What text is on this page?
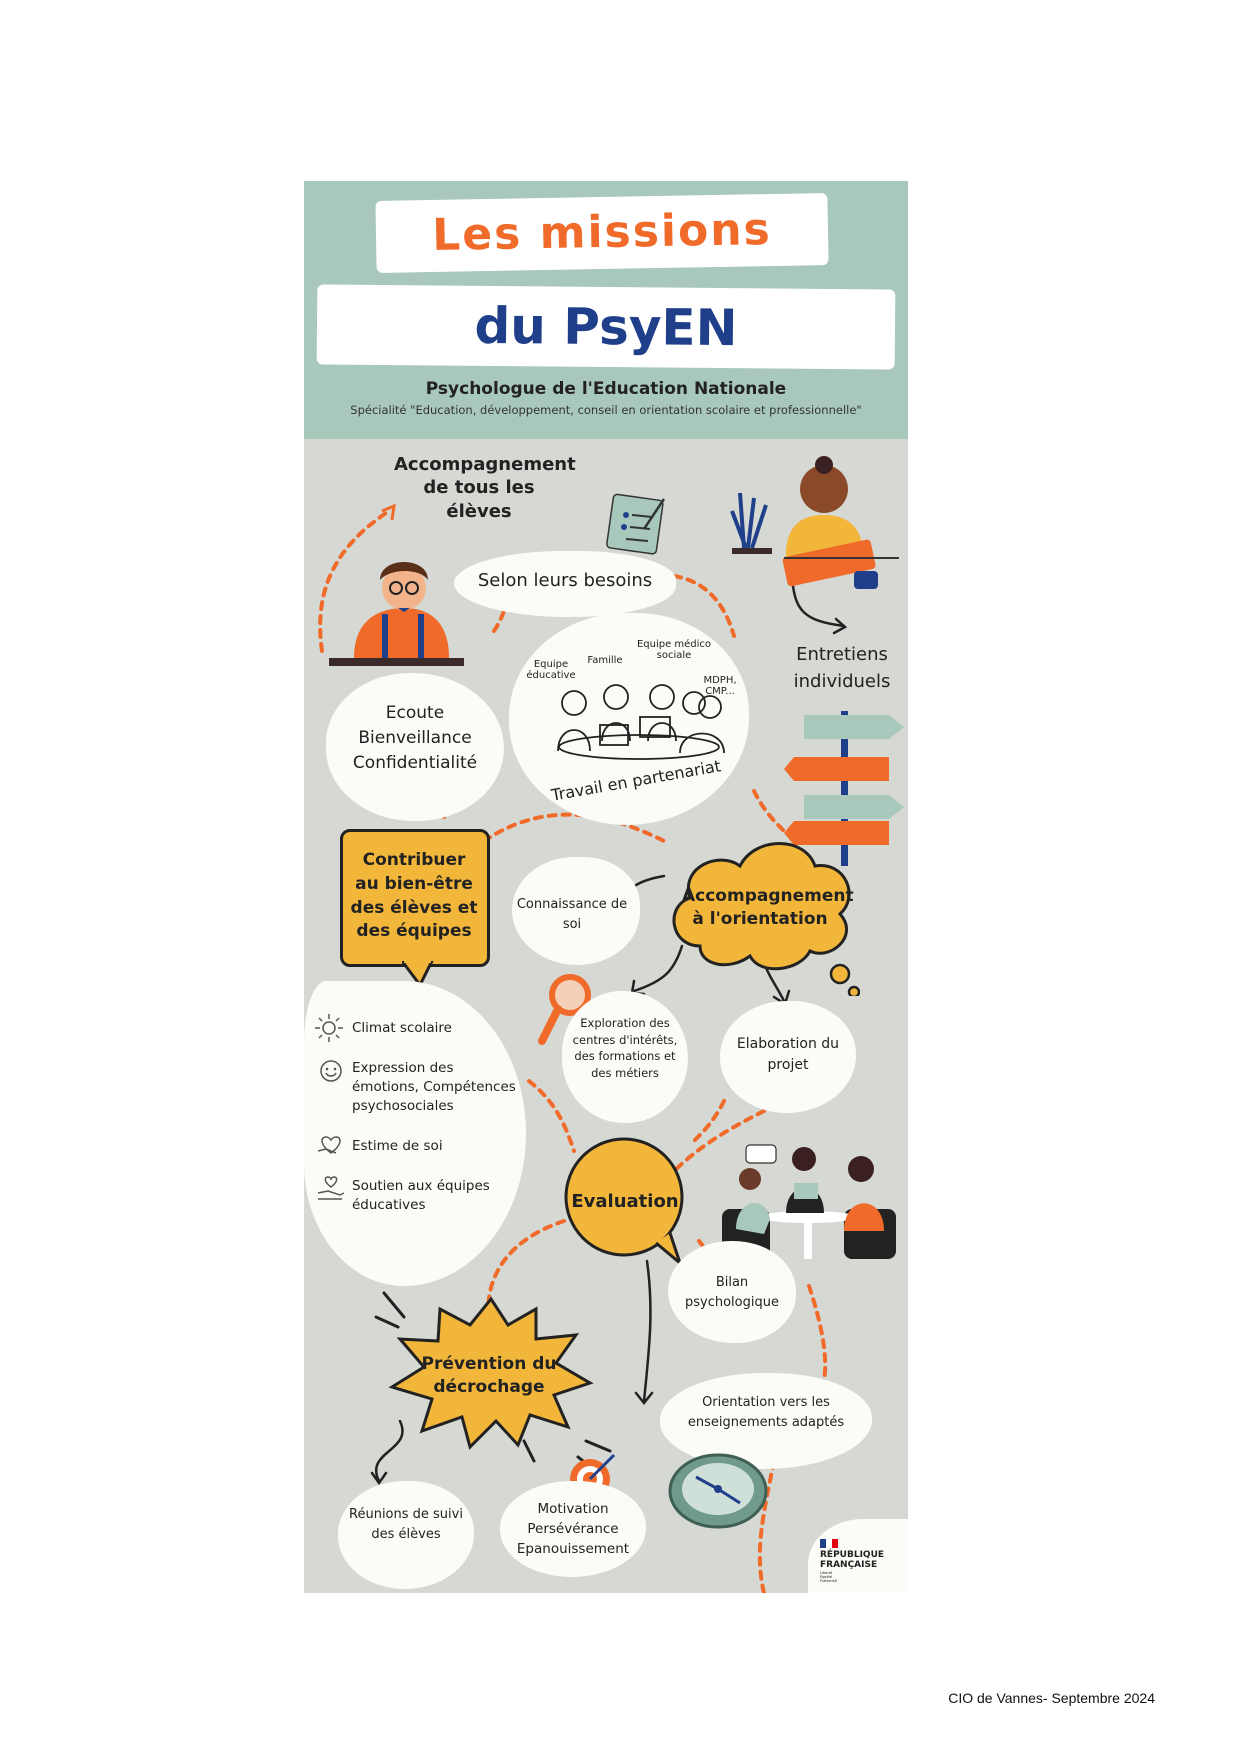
Les missions
du PsyEN
Psychologue de l'Education Nationale
Spécialité "Education, développement, conseil en orientation scolaire et professionnelle"
Accompagnement de tous les élèves
Selon leurs besoins
Ecoute
Bienveillance
Confidentialité
Entretiens individuels
Equipe éducative
Famille
Equipe médico sociale
MDPH, CMP...
Travail en partenariat
Contribuer au bien-être des élèves et des équipes
Connaissance de soi
Accompagnement à l'orientation
Climat scolaire
Expression des émotions, Compétences psychosociales
Estime de soi
Soutien aux équipes éducatives
Exploration des centres d'intérêts, des formations et des métiers
Elaboration du projet
Evaluation
Bilan psychologique
Prévention du décrochage
Orientation vers les enseignements adaptés
Réunions de suivi des élèves
Motivation
Persévérance
Epanouissement	RÉPUBLIQUE
FRANÇAISE
Liberté Égalité Fraternité
CIO de Vannes- Septembre 2024
